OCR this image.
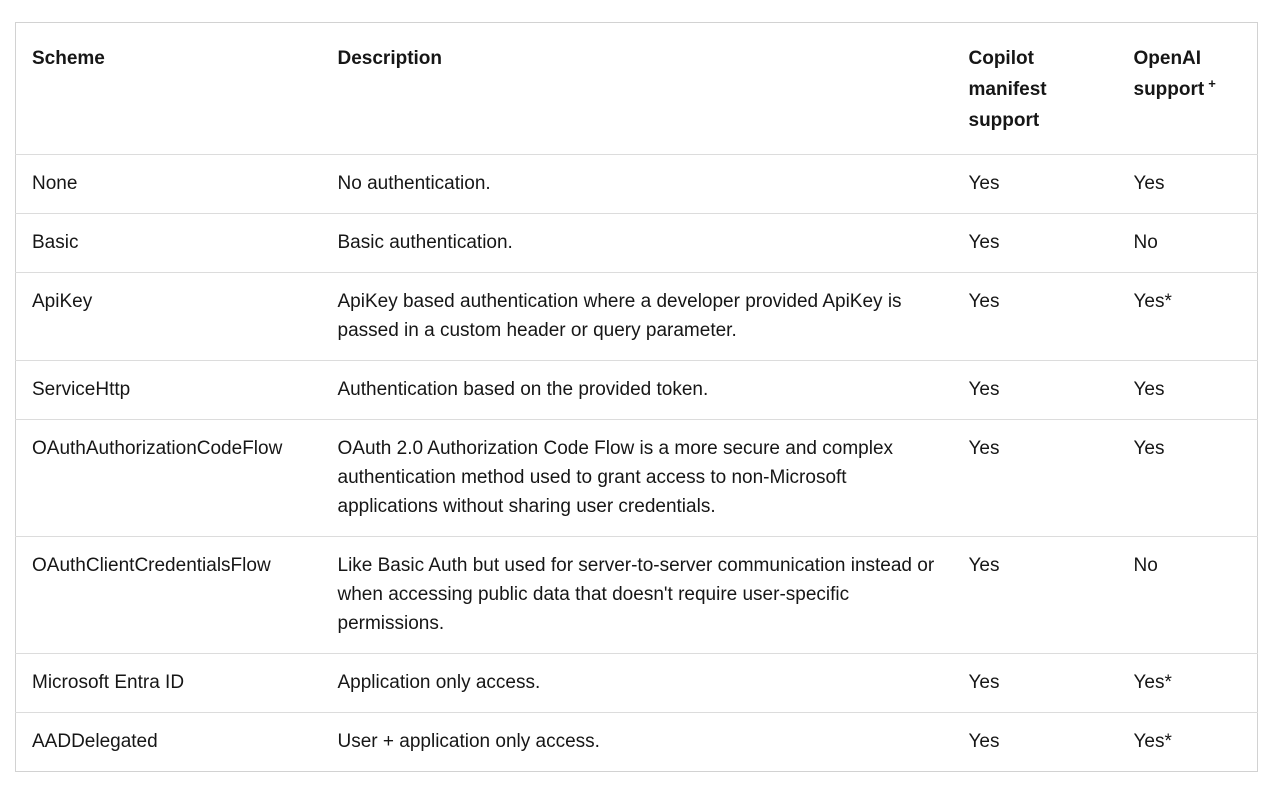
Scheme	Description	Copilot manifest support	OpenAI support +
None	No authentication.	Yes	Yes
Basic	Basic authentication.	Yes	No
ApiKey	ApiKey based authentication where a developer provided ApiKey is passed in a custom header or query parameter.	Yes	Yes*
ServiceHttp	Authentication based on the provided token.	Yes	Yes
OAuthAuthorizationCodeFlow	OAuth 2.0 Authorization Code Flow is a more secure and complex authentication method used to grant access to non-Microsoft applications without sharing user credentials.	Yes	Yes
OAuthClientCredentialsFlow	Like Basic Auth but used for server-to-server communication instead or when accessing public data that doesn't require user-specific permissions.	Yes	No
Microsoft Entra ID	Application only access.	Yes	Yes*
AADDelegated	User + application only access.	Yes	Yes*
